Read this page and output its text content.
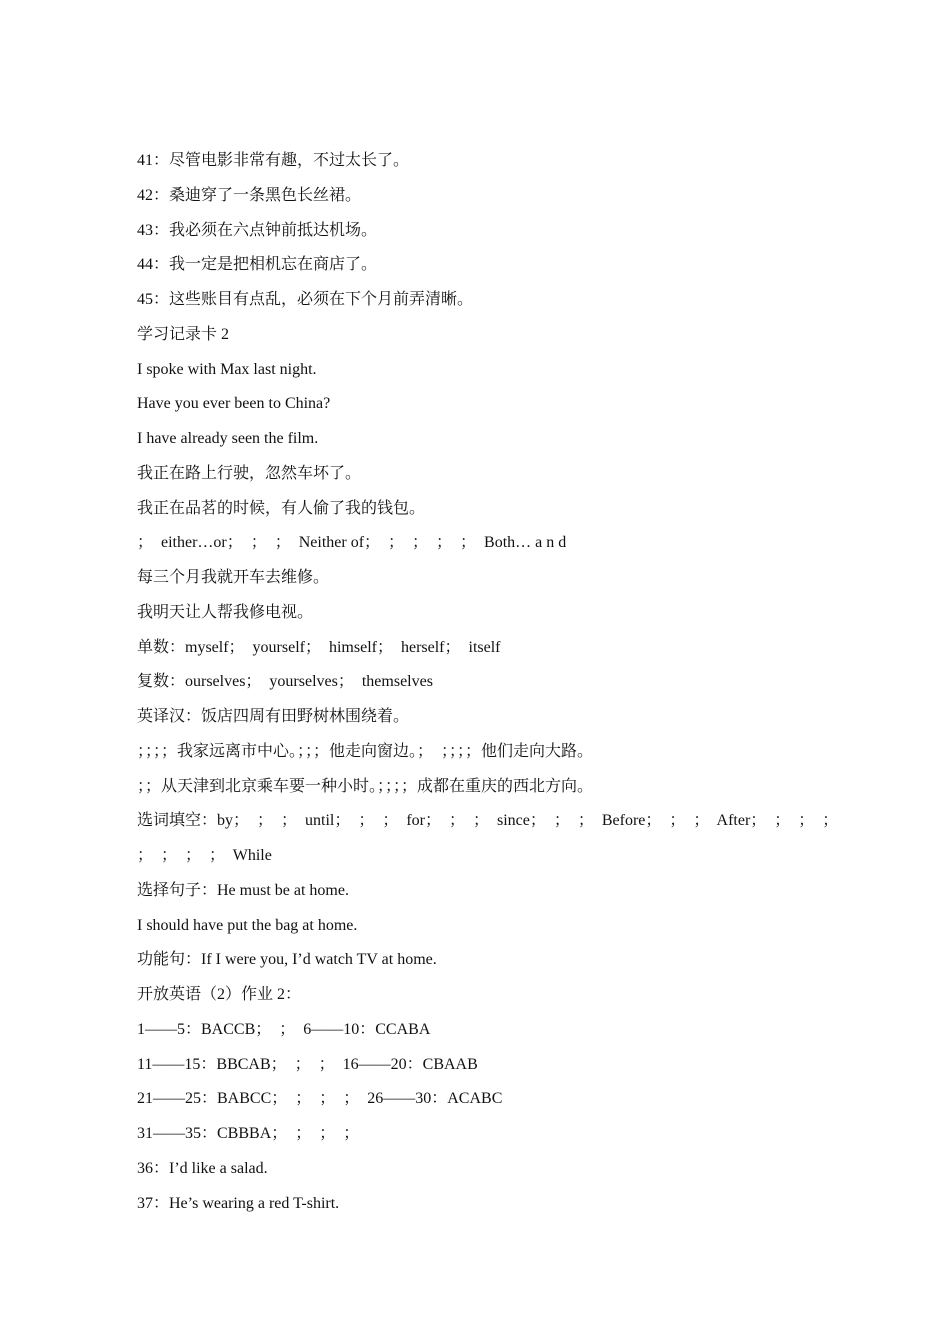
41：尽管电影非常有趣，不过太长了。

42：桑迪穿了一条黑色长丝裙。

43：我必须在六点钟前抵达机场。

44：我一定是把相机忘在商店了。

45：这些账目有点乱，必须在下个月前弄清晰。

学习记录卡 2

I spoke with Max last night.

Have you ever been to China?

I have already seen the film.

我正在路上行驶，忽然车坏了。

我正在品茗的时候，有人偷了我的钱包。

；  either…or；  ；  ；  Neither of；  ；  ；  ；  ；  Both… a n d

每三个月我就开车去维修。

我明天让人帮我修电视。

单数：myself；  yourself；  himself；  herself；  itself

复数：ourselves；  yourselves；  themselves

英译汉：饭店四周有田野树林围绕着。

；；；；我家远离市中心。；；；他走向窗边。；  ；；；；他们走向大路。

；；从天津到北京乘车要一种小时。；；；；成都在重庆的西北方向。

选词填空：by；  ；  ；  until；  ；  ；  for；  ；  ；  since；  ；  ；  Before；  ；  ；  After；  ；  ；  ；

；  ；  ；  ；  While

选择句子：He must be at home.

I should have put the bag at home.

功能句：If I were you, I’d watch TV at home.

开放英语（2）作业 2：

1——5：BACCB；  ；  6——10：CCABA

11——15：BBCAB；  ；  ；  16——20：CBAAB

21——25：BABCC；  ；  ；  ；  26——30：ACABC

31——35：CBBBA；  ；  ；  ；

36：I’d like a salad.

37：He’s wearing a red T-shirt.
